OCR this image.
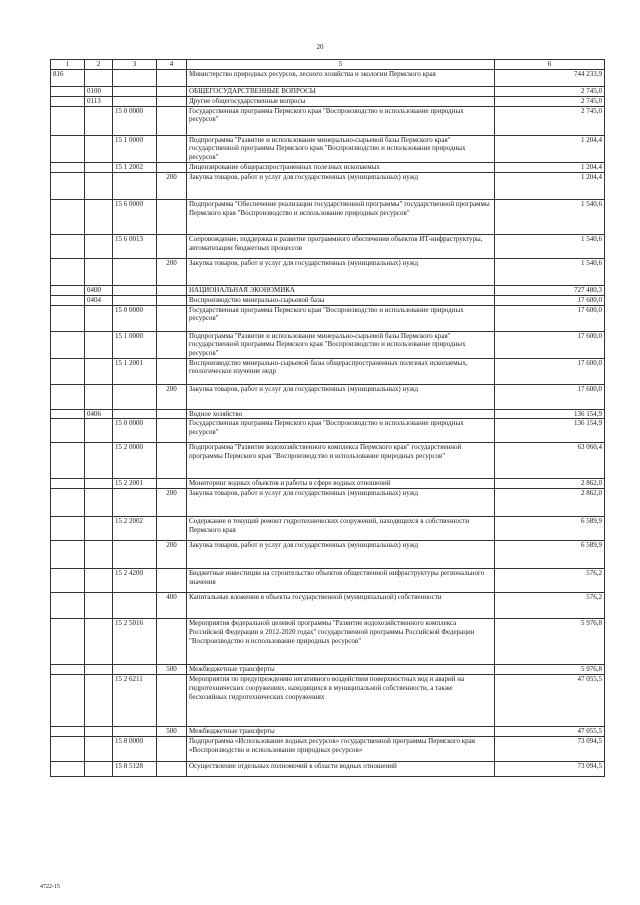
20
1	2	3	4	5	6
816				Министерство природных ресурсов, лесного хозяйства и экологии Пермского края	744 233,9
	0100			ОБЩЕГОСУДАРСТВЕННЫЕ ВОПРОСЫ	2 745,0
	0113			Другие общегосударственные вопросы	2 745,0
		15 0 0000		Государственная программа Пермского края "Воспроизводство и использование природных ресурсов"	2 745,0
		15 1 0000		Подпрограмма "Развитие и использование минерально-сырьевой базы Пермского края" государственной программы Пермского края "Воспроизводство и использование природных ресурсов"	1 204,4
		15 1 2002		Лицензирование общераспространенных полезных ископаемых	1 204,4
			200	Закупка товаров, работ и услуг для государственных (муниципальных) нужд	1 204,4
		15 6 0000		Подпрограмма "Обеспечение реализации государственной программы" государственной программы Пермского края "Воспроизводство и использование природных ресурсов"	1 540,6
		15 6 0013		Сопровождение, поддержка и развитие программного обеспечения объектов ИТ-инфраструктуры, автоматизации бюджетных процессов	1 540,6
			200	Закупка товаров, работ и услуг для государственных (муниципальных) нужд	1 540,6
	0400			НАЦИОНАЛЬНАЯ ЭКОНОМИКА	727 480,3
	0404			Воспроизводство минерально-сырьевой базы	17 600,0
		15 0 0000		Государственная программа Пермского края "Воспроизводство и использование природных ресурсов"	17 600,0
		15 1 0000		Подпрограмма "Развитие и использование минерально-сырьевой базы Пермского края" государственной программы Пермского края "Воспроизводство и использование природных ресурсов"	17 600,0
		15 1 2001		Воспроизводство минерально-сырьевой базы общераспространенных полезных ископаемых, геологическое изучение недр	17 600,0
			200	Закупка товаров, работ и услуг для государственных (муниципальных) нужд	17 600,0
	0406			Водное хозяйство	136 154,9
		15 0 0000		Государственная программа Пермского края "Воспроизводство и использование природных ресурсов"	136 154,9
		15 2 0000		Подпрограмма "Развитие водохозяйственного комплекса Пермского края" государственной программы Пермского края "Воспроизводство и использование природных ресурсов"	63 060,4
		15 2 2001		Мониторинг водных объектов и работы в сфере водных отношений	2 862,0
			200	Закупка товаров, работ и услуг для государственных (муниципальных) нужд	2 862,0
		15 2 2002		Содержание и текущий ремонт гидротехнических сооружений, находящихся в собственности Пермского края	6 589,9
			200	Закупка товаров, работ и услуг для государственных (муниципальных) нужд	6 589,9
		15 2 4200		Бюджетные инвестиции на строительство объектов общественной инфраструктуры регионального значения	576,2
			400	Капитальные вложения в объекты государственной (муниципальной) собственности	576,2
		15 2 5016		Мероприятия федеральной целевой программы "Развитие водохозяйственного комплекса Российской Федерации в 2012-2020 годах" государственной программы Российской Федерации "Воспроизводство и использование природных ресурсов"	5 976,8
			500	Межбюджетные трансферты	5 976,8
		15 2 6211		Мероприятия по предупреждению негативного воздействия поверхностных вод и аварий на гидротехнических сооружениях, находящихся в муниципальной собственности, а также бесхозяйных гидротехнических сооружениях	47 055,5
			500	Межбюджетные трансферты	47 055,5
		15 8 0000		Подпрограмма «Использование водных ресурсов» государственной программы Пермского края «Воспроизводство и использование природных ресурсов»	73 094,5
		15 8 5128		Осуществление отдельных полномочий в области водных отношений	73 094,5
4722-15
